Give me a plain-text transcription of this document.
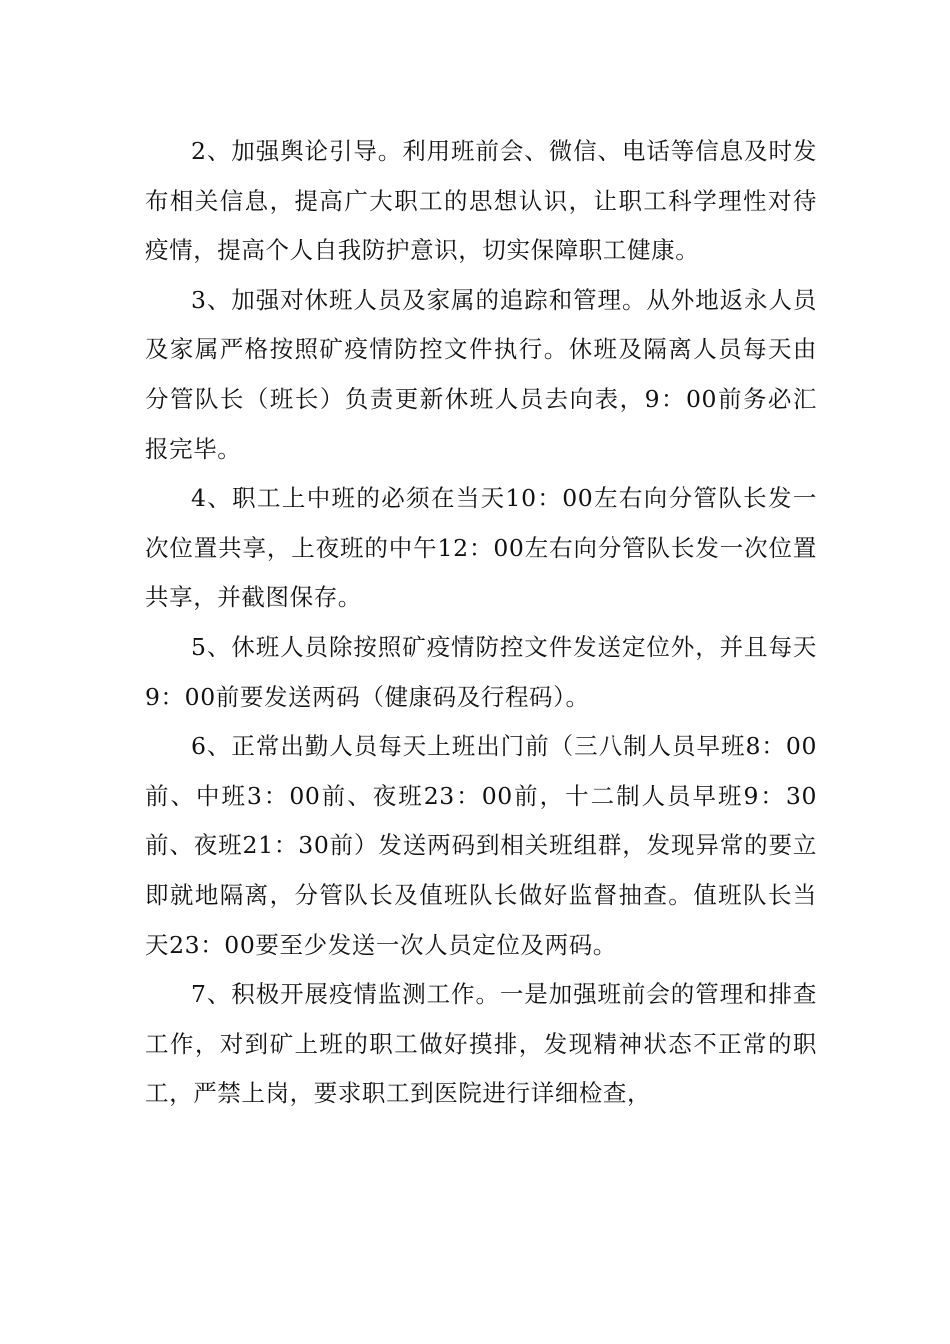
2、加强舆论引导。利用班前会、微信、电话等信息及时发布相关信息，提高广大职工的思想认识，让职工科学理性对待疫情，提高个人自我防护意识，切实保障职工健康。

3、加强对休班人员及家属的追踪和管理。从外地返永人员及家属严格按照矿疫情防控文件执行。休班及隔离人员每天由分管队长（班长）负责更新休班人员去向表，9：00前务必汇报完毕。

4、职工上中班的必须在当天10：00左右向分管队长发一次位置共享，上夜班的中午12：00左右向分管队长发一次位置共享，并截图保存。

5、休班人员除按照矿疫情防控文件发送定位外，并且每天9：00前要发送两码（健康码及行程码）。

6、正常出勤人员每天上班出门前（三八制人员早班8：00前、中班3：00前、夜班23：00前，十二制人员早班9：30前、夜班21：30前）发送两码到相关班组群，发现异常的要立即就地隔离，分管队长及值班队长做好监督抽查。值班队长当天23：00要至少发送一次人员定位及两码。

7、积极开展疫情监测工作。一是加强班前会的管理和排查工作，对到矿上班的职工做好摸排，发现精神状态不正常的职工，严禁上岗，要求职工到医院进行详细检查，
